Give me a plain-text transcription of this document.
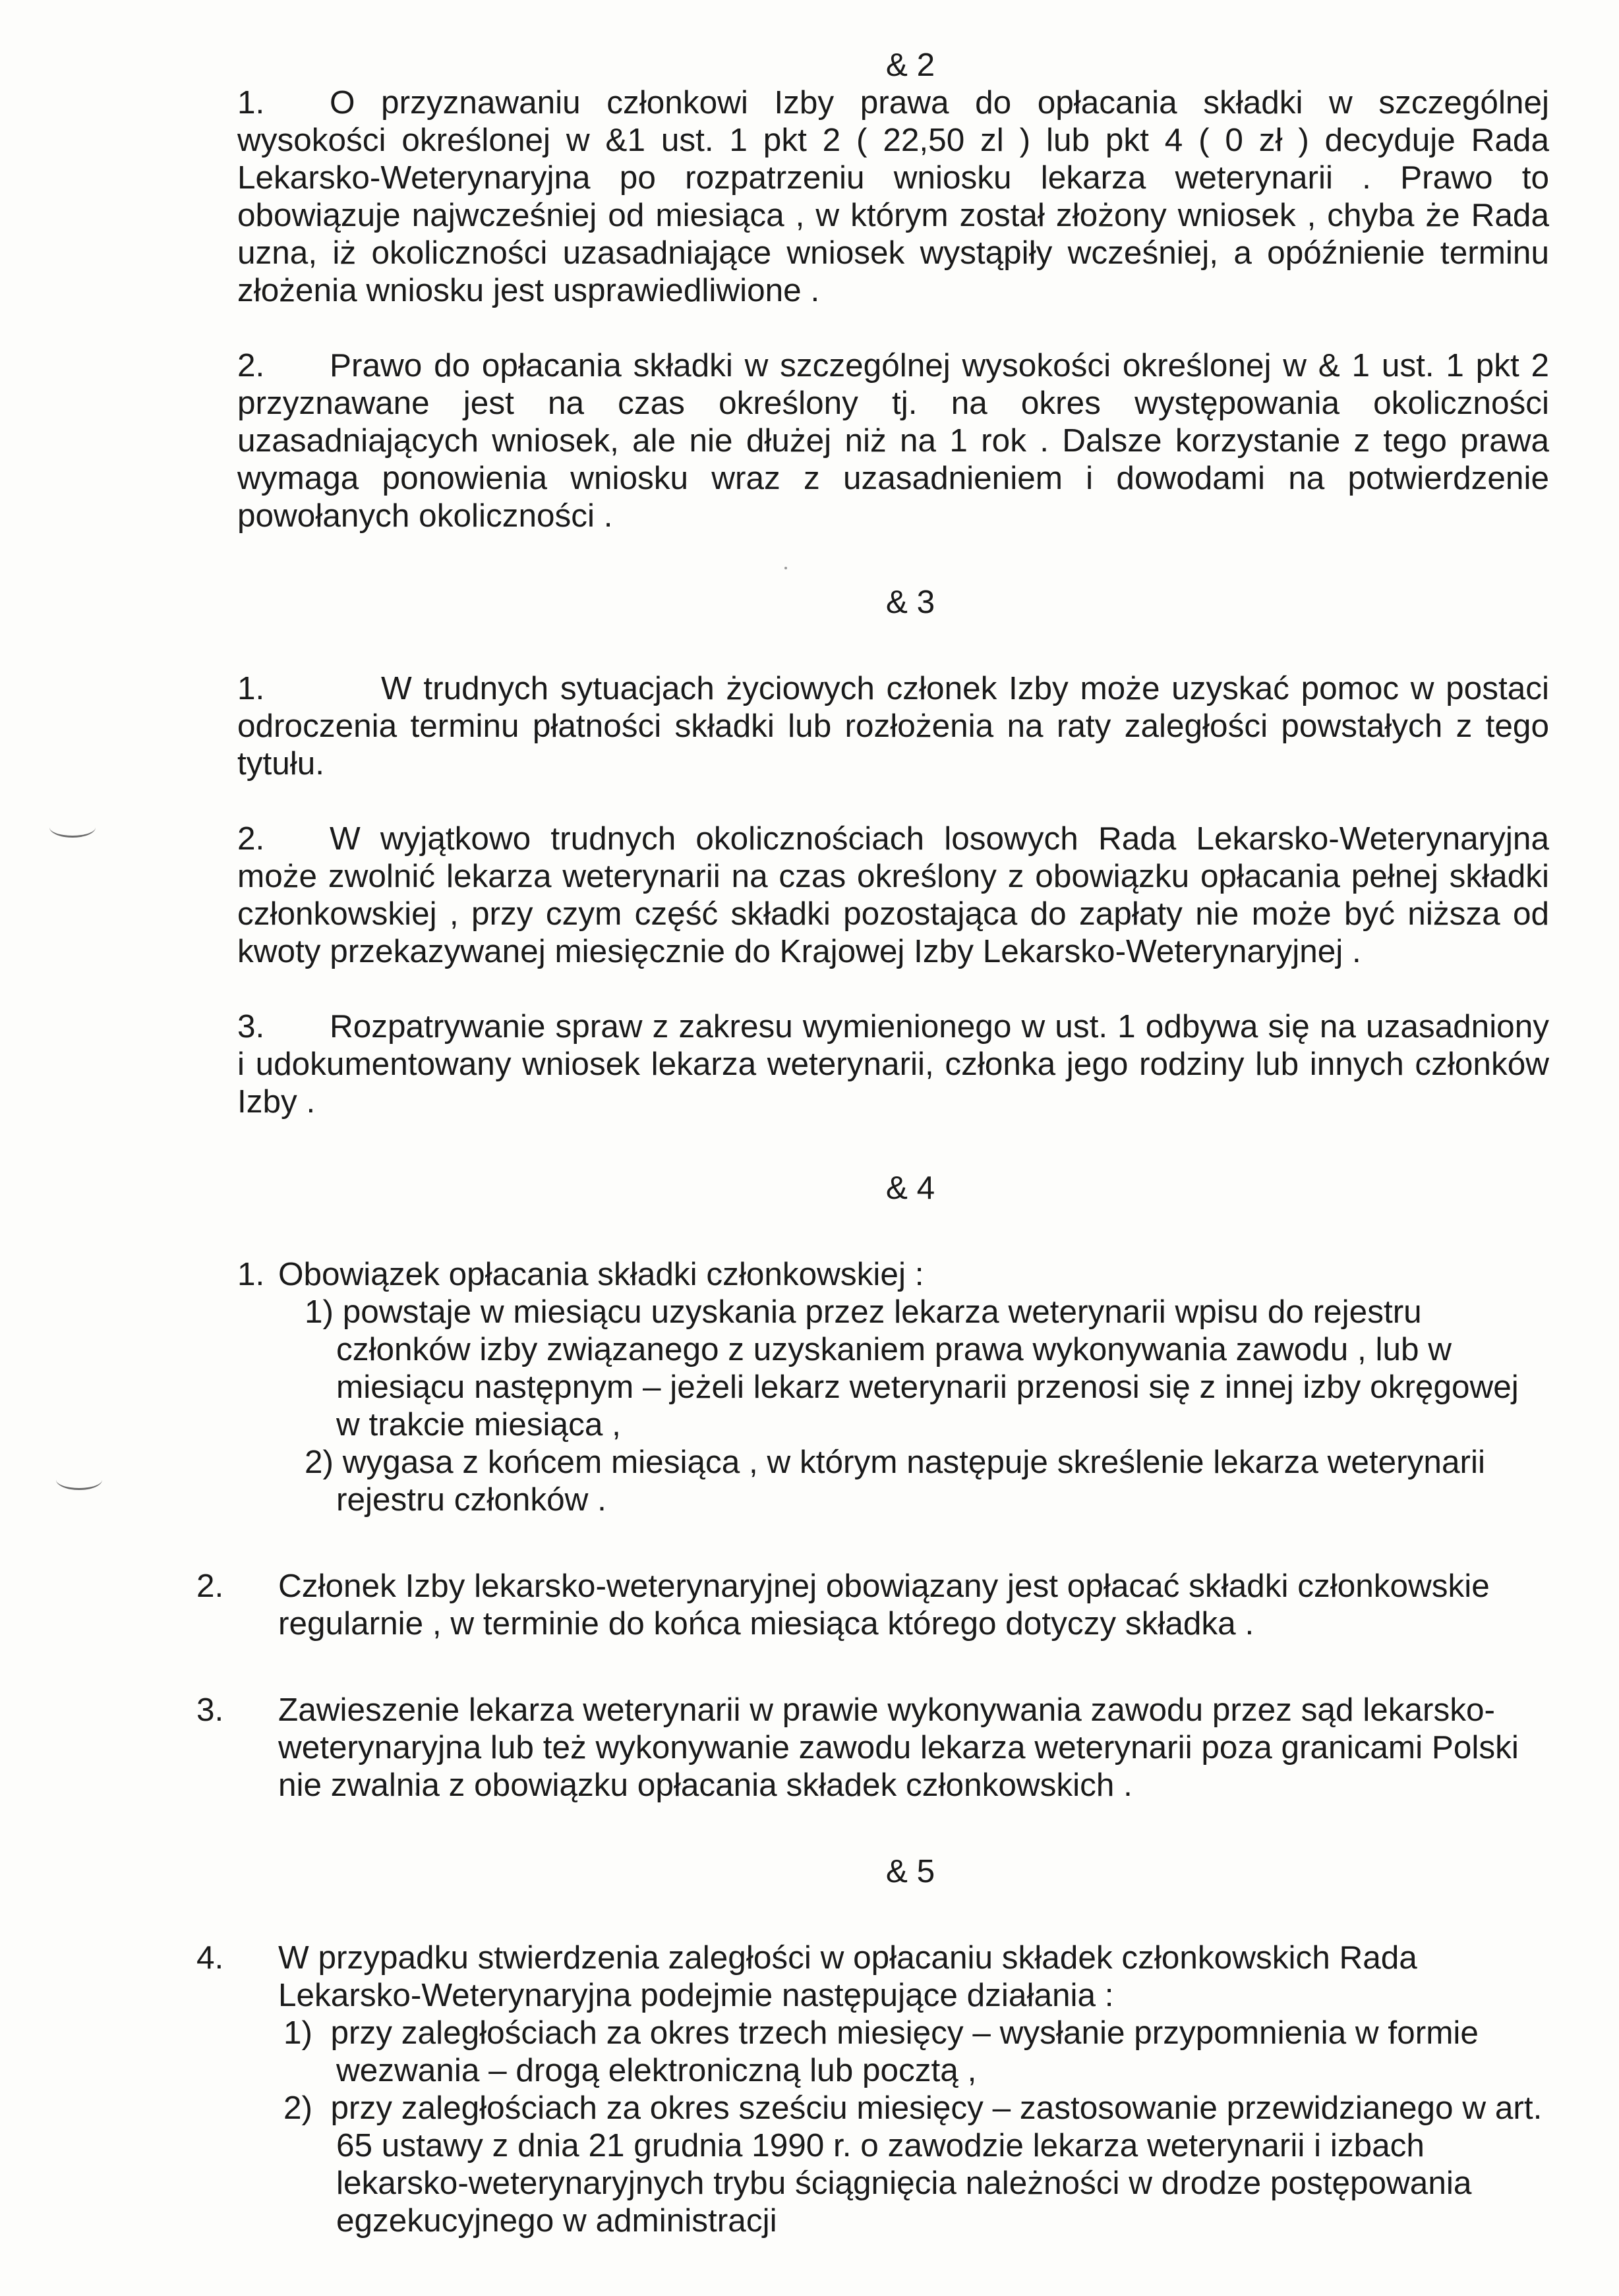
& 2

1. O przyznawaniu członkowi Izby prawa do opłacania składki w szczególnej wysokości określonej w &1 ust. 1 pkt 2 ( 22,50 zl ) lub pkt 4 ( 0 zł ) decyduje Rada Lekarsko-Weterynaryjna po rozpatrzeniu wniosku lekarza weterynarii . Prawo to obowiązuje najwcześniej od miesiąca , w którym został złożony wniosek , chyba że Rada uzna, iż okoliczności uzasadniające wniosek wystąpiły wcześniej, a opóźnienie terminu złożenia wniosku jest usprawiedliwione .

2. Prawo do opłacania składki w szczególnej wysokości określonej w & 1 ust. 1 pkt 2 przyznawane jest na czas określony tj. na okres występowania okoliczności uzasadniających wniosek, ale nie dłużej niż na 1 rok . Dalsze korzystanie z tego prawa wymaga ponowienia wniosku wraz z uzasadnieniem i dowodami na potwierdzenie powołanych okoliczności .

& 3

1.	W trudnych sytuacjach życiowych członek Izby może uzyskać pomoc w postaci odroczenia terminu płatności składki lub rozłożenia na raty zaległości powstałych z tego tytułu.

2. W wyjątkowo trudnych okolicznościach losowych Rada Lekarsko-Weterynaryjna może zwolnić lekarza weterynarii na czas określony z obowiązku opłacania pełnej składki członkowskiej , przy czym część składki pozostająca do zapłaty nie może być niższa od kwoty przekazywanej miesięcznie do Krajowej Izby Lekarsko-Weterynaryjnej .

3. Rozpatrywanie spraw z zakresu wymienionego w ust. 1 odbywa się na uzasadniony i udokumentowany wniosek lekarza weterynarii, członka jego rodziny lub innych członków Izby .

& 4

1. Obowiązek opłacania składki członkowskiej :

1) powstaje w miesiącu uzyskania przez lekarza weterynarii wpisu do rejestru członków izby związanego z uzyskaniem prawa wykonywania zawodu , lub w miesiącu następnym – jeżeli lekarz weterynarii przenosi się z innej izby okręgowej w trakcie miesiąca ,

2) wygasa z końcem miesiąca , w którym następuje skreślenie lekarza weterynarii rejestru członków .

2. Członek Izby lekarsko-weterynaryjnej obowiązany jest opłacać składki członkowskie regularnie , w terminie do końca miesiąca którego dotyczy składka .

3. Zawieszenie lekarza weterynarii w prawie wykonywania zawodu przez sąd lekarsko-weterynaryjna lub też wykonywanie zawodu lekarza weterynarii poza granicami Polski nie zwalnia z obowiązku opłacania składek członkowskich .

& 5

4. W przypadku stwierdzenia zaległości w opłacaniu składek członkowskich Rada Lekarsko-Weterynaryjna podejmie następujące działania :

1) przy zaległościach za okres trzech miesięcy – wysłanie przypomnienia w formie wezwania – drogą elektroniczną lub pocztą ,

2) przy zaległościach za okres sześciu miesięcy – zastosowanie przewidzianego w art. 65 ustawy z dnia 21 grudnia 1990 r. o zawodzie lekarza weterynarii i izbach lekarsko-weterynaryjnych trybu ściągnięcia należności w drodze postępowania egzekucyjnego w administracji
